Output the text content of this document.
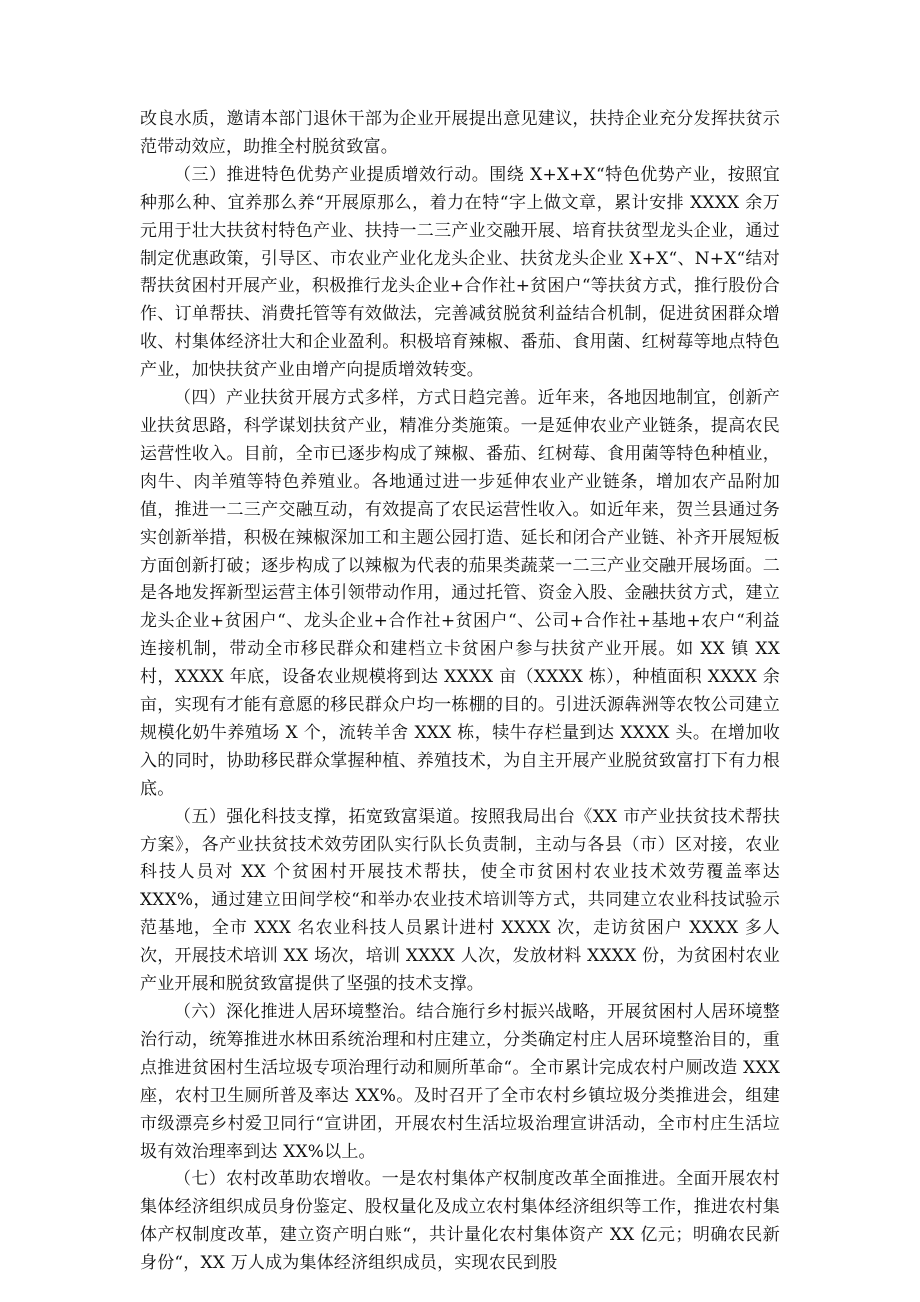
改良水质，邀请本部门退休干部为企业开展提出意见建议，扶持企业充分发挥扶贫示范带动效应，助推全村脱贫致富。

（三）推进特色优势产业提质增效行动。围绕 X+X+X“特色优势产业，按照宜种那么种、宜养那么养“开展原那么，着力在特“字上做文章，累计安排 XXXX 余万元用于壮大扶贫村特色产业、扶持一二三产业交融开展、培育扶贫型龙头企业，通过制定优惠政策，引导区、市农业产业化龙头企业、扶贫龙头企业 X+X“、N+X“结对帮扶贫困村开展产业，积极推行龙头企业+合作社+贫困户“等扶贫方式，推行股份合作、订单帮扶、消费托管等有效做法，完善减贫脱贫利益结合机制，促进贫困群众增收、村集体经济壮大和企业盈利。积极培育辣椒、番茄、食用菌、红树莓等地点特色产业，加快扶贫产业由增产向提质增效转变。

（四）产业扶贫开展方式多样，方式日趋完善。近年来，各地因地制宜，创新产业扶贫思路，科学谋划扶贫产业，精准分类施策。一是延伸农业产业链条，提高农民运营性收入。目前，全市已逐步构成了辣椒、番茄、红树莓、食用菌等特色种植业，肉牛、肉羊殖等特色养殖业。各地通过进一步延伸农业产业链条，增加农产品附加值，推进一二三产交融互动，有效提高了农民运营性收入。如近年来，贺兰县通过务实创新举措，积极在辣椒深加工和主题公园打造、延长和闭合产业链、补齐开展短板方面创新打破；逐步构成了以辣椒为代表的茄果类蔬菜一二三产业交融开展场面。二是各地发挥新型运营主体引领带动作用，通过托管、资金入股、金融扶贫方式，建立龙头企业+贫困户“、龙头企业+合作社+贫困户“、公司+合作社+基地+农户“利益连接机制，带动全市移民群众和建档立卡贫困户参与扶贫产业开展。如 XX 镇 XX 村，XXXX 年底，设备农业规模将到达 XXXX 亩（XXXX 栋），种植面积 XXXX 余亩，实现有才能有意愿的移民群众户均一栋棚的目的。引进沃源犇洲等农牧公司建立规模化奶牛养殖场 X 个，流转羊舍 XXX 栋，犊牛存栏量到达 XXXX 头。在增加收入的同时，协助移民群众掌握种植、养殖技术，为自主开展产业脱贫致富打下有力根底。

（五）强化科技支撑，拓宽致富渠道。按照我局出台《XX 市产业扶贫技术帮扶方案》，各产业扶贫技术效劳团队实行队长负责制，主动与各县（市）区对接，农业科技人员对 XX 个贫困村开展技术帮扶，使全市贫困村农业技术效劳覆盖率达 XXX%，通过建立田间学校“和举办农业技术培训等方式，共同建立农业科技试验示范基地，全市 XXX 名农业科技人员累计进村 XXXX 次，走访贫困户 XXXX 多人次，开展技术培训 XX 场次，培训 XXXX 人次，发放材料 XXXX 份，为贫困村农业产业开展和脱贫致富提供了坚强的技术支撑。

（六）深化推进人居环境整治。结合施行乡村振兴战略，开展贫困村人居环境整治行动，统筹推进水林田系统治理和村庄建立，分类确定村庄人居环境整治目的，重点推进贫困村生活垃圾专项治理行动和厕所革命“。全市累计完成农村户厕改造 XXX 座，农村卫生厕所普及率达 XX%。及时召开了全市农村乡镇垃圾分类推进会，组建市级漂亮乡村爱卫同行“宣讲团，开展农村生活垃圾治理宣讲活动，全市村庄生活垃圾有效治理率到达 XX%以上。

（七）农村改革助农增收。一是农村集体产权制度改革全面推进。全面开展农村集体经济组织成员身份鉴定、股权量化及成立农村集体经济组织等工作，推进农村集体产权制度改革，建立资产明白账“，共计量化农村集体资产 XX 亿元；明确农民新身份“，XX 万人成为集体经济组织成员，实现农民到股
